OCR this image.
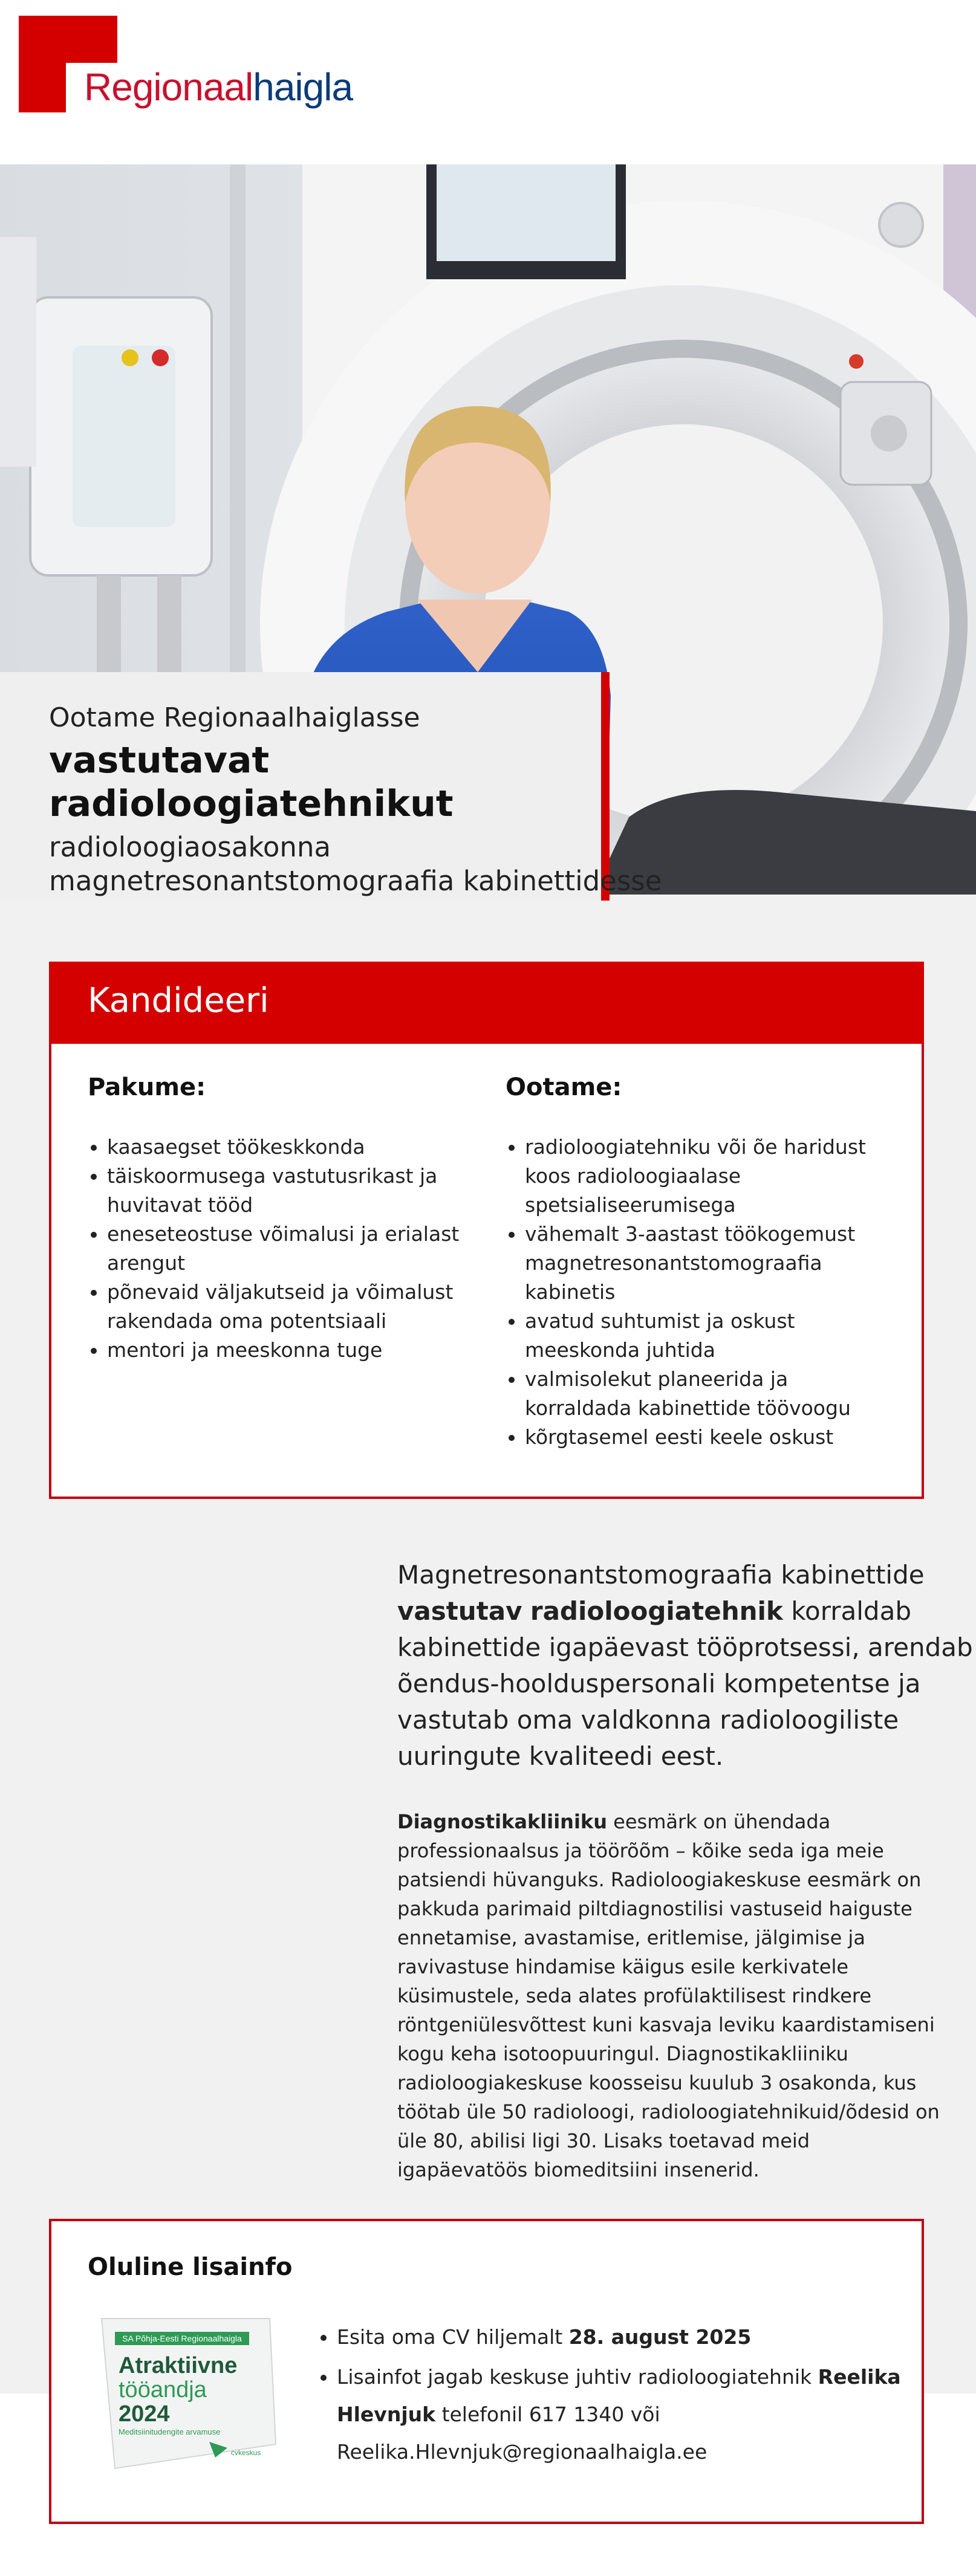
Regionaalhaigla
Ootame Regionaalhaiglasse
vastutavat
radioloogiatehnikut
radioloogiaosakonna
magnetresonantstomograafia kabinettidesse
Kandideeri
Pakume:
• kaasaegset töökeskkonda
• täiskoormusega vastutusrikast ja huvitavat tööd
• eneseteostuse võimalusi ja erialast arengut
• põnevaid väljakutseid ja võimalust rakendada oma potentsiaali
• mentori ja meeskonna tuge
Ootame:
• radioloogiatehniku või õe haridust koos radioloogiaalase spetsialiseerumisega
• vähemalt 3-aastast töökogemust magnetresonantstomograafia kabinetis
• avatud suhtumist ja oskust meeskonda juhtida
• valmisolekut planeerida ja korraldada kabinettide töövoogu
• kõrgtasemel eesti keele oskust
Magnetresonantstomograafia kabinettide vastutav radioloogiatehnik korraldab kabinettide igapäevast tööprotsessi, arendab õendus-hoolduspersonali kompetentse ja vastutab oma valdkonna radioloogiliste uuringute kvaliteedi eest.
Diagnostikakliiniku eesmärk on ühendada professionaalsus ja töörõõm – kõike seda iga meie patsiendi hüvanguks. Radioloogiakeskuse eesmärk on pakkuda parimaid piltdiagnostilisi vastuseid haiguste ennetamise, avastamise, eritlemise, jälgimise ja ravivastuse hindamise käigus esile kerkivatele küsimustele, seda alates profülaktilisest rindkere röntgeniülesvõttest kuni kasvaja leviku kaardistamiseni kogu keha isotoopuuringul. Diagnostikakliiniku radioloogiakeskuse koosseisu kuulub 3 osakonda, kus töötab üle 50 radioloogi, radioloogiatehnikuid/õdesid on üle 80, abilisi ligi 30. Lisaks toetavad meid igapäevatöös biomeditsiini insenerid.
Oluline lisainfo
SA Põhja-Eesti Regionaalhaigla
Atraktiivne
tööandja
2024
Meditsiinitudengite arvamuse
cvkeskus
• Esita oma CV hiljemalt 28. august 2025
• Lisainfot jagab keskuse juhtiv radioloogiatehnik Reelika Hlevnjuk telefonil 617 1340 või
Reelika.Hlevnjuk@regionaalhaigla.ee
